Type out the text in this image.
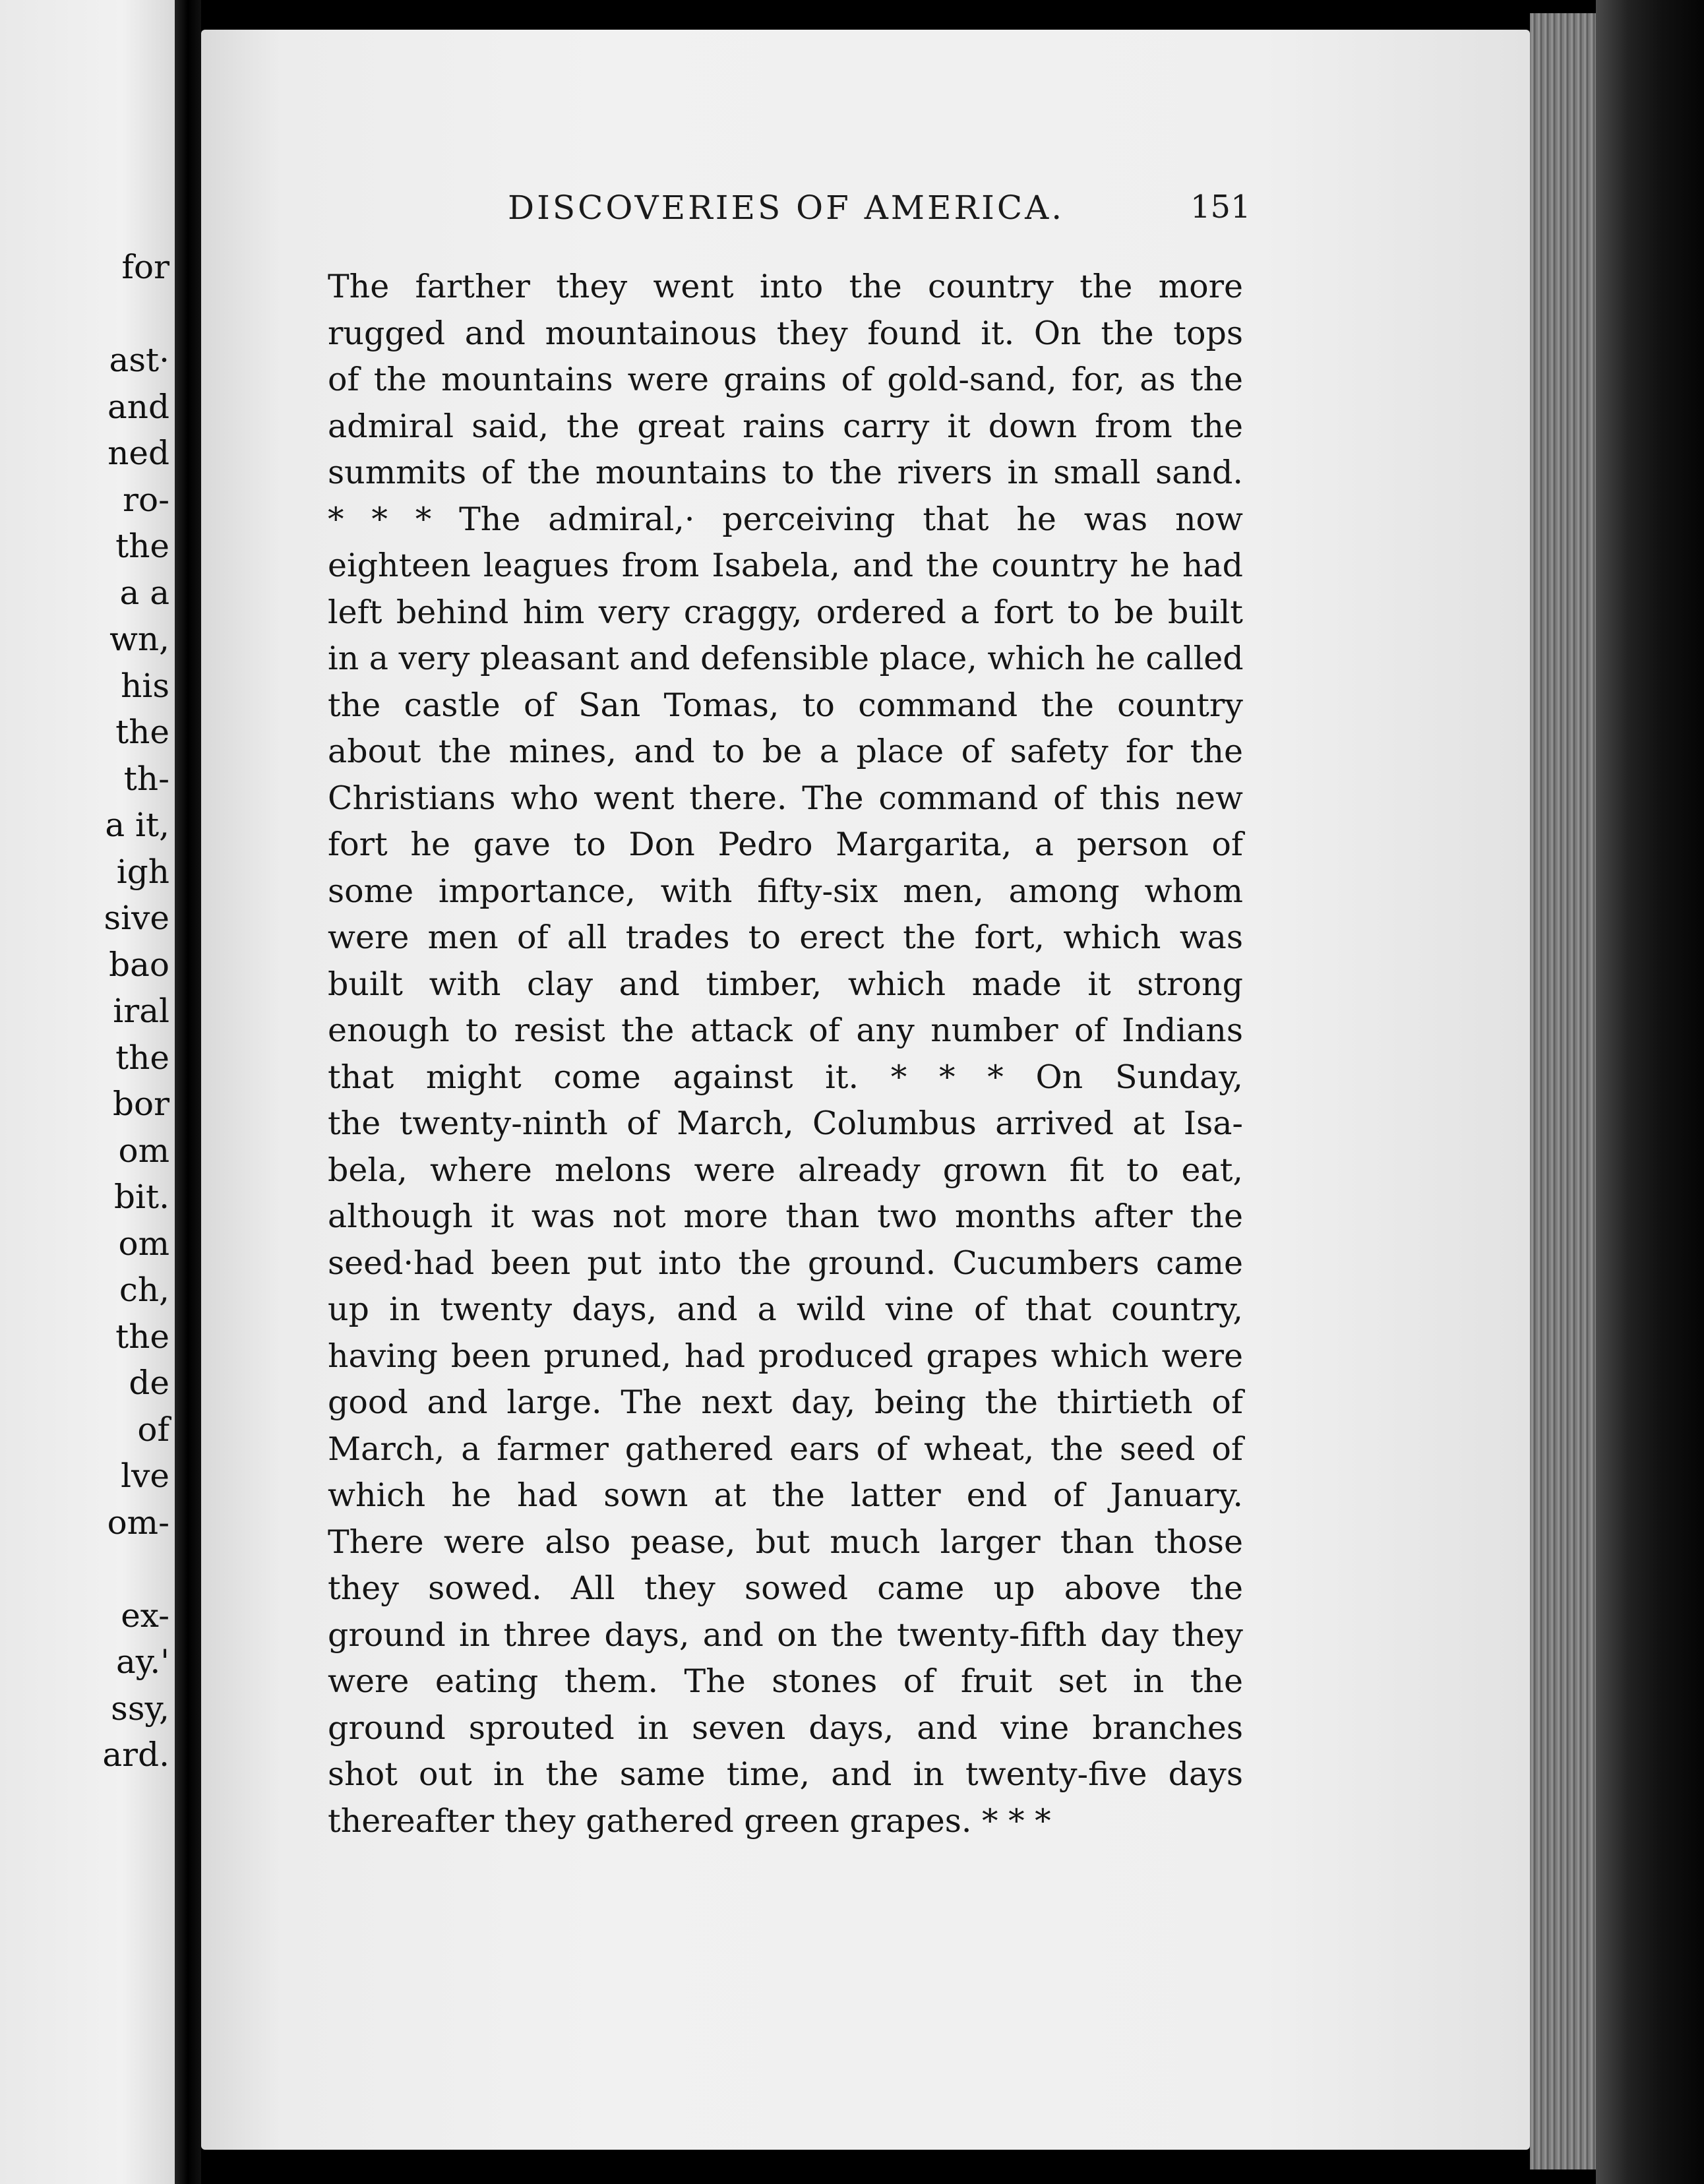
for
ast·
and
ned
ro-
the
a a
wn,
his
the
th-
a it,
igh
sive
bao
iral
the
bor
om
bit.
om
ch,
the
de
of
lve
om-
ex-
ay.'
ssy,
ard.
DISCOVERIES OF AMERICA.	151
The farther they went into the country the more
rugged and mountainous they found it. On the tops
of the mountains were grains of gold-sand, for, as the
admiral said, the great rains carry it down from the
summits of the mountains to the rivers in small sand.
* * * The admiral,· perceiving that he was now
eighteen leagues from Isabela, and the country he had
left behind him very craggy, ordered a fort to be built
in a very pleasant and defensible place, which he called
the castle of San Tomas, to command the country
about the mines, and to be a place of safety for the
Christians who went there. The command of this new
fort he gave to Don Pedro Margarita, a person of
some importance, with fifty-six men, among whom
were men of all trades to erect the fort, which was
built with clay and timber, which made it strong
enough to resist the attack of any number of Indians
that might come against it. * * * On Sunday,
the twenty-ninth of March, Columbus arrived at Isa-
bela, where melons were already grown fit to eat,
although it was not more than two months after the
seed·had been put into the ground. Cucumbers came
up in twenty days, and a wild vine of that country,
having been pruned, had produced grapes which were
good and large. The next day, being the thirtieth of
March, a farmer gathered ears of wheat, the seed of
which he had sown at the latter end of January.
There were also pease, but much larger than those
they sowed. All they sowed came up above the
ground in three days, and on the twenty-fifth day they
were eating them. The stones of fruit set in the
ground sprouted in seven days, and vine branches
shot out in the same time, and in twenty-five days
thereafter they gathered green grapes. * * *
